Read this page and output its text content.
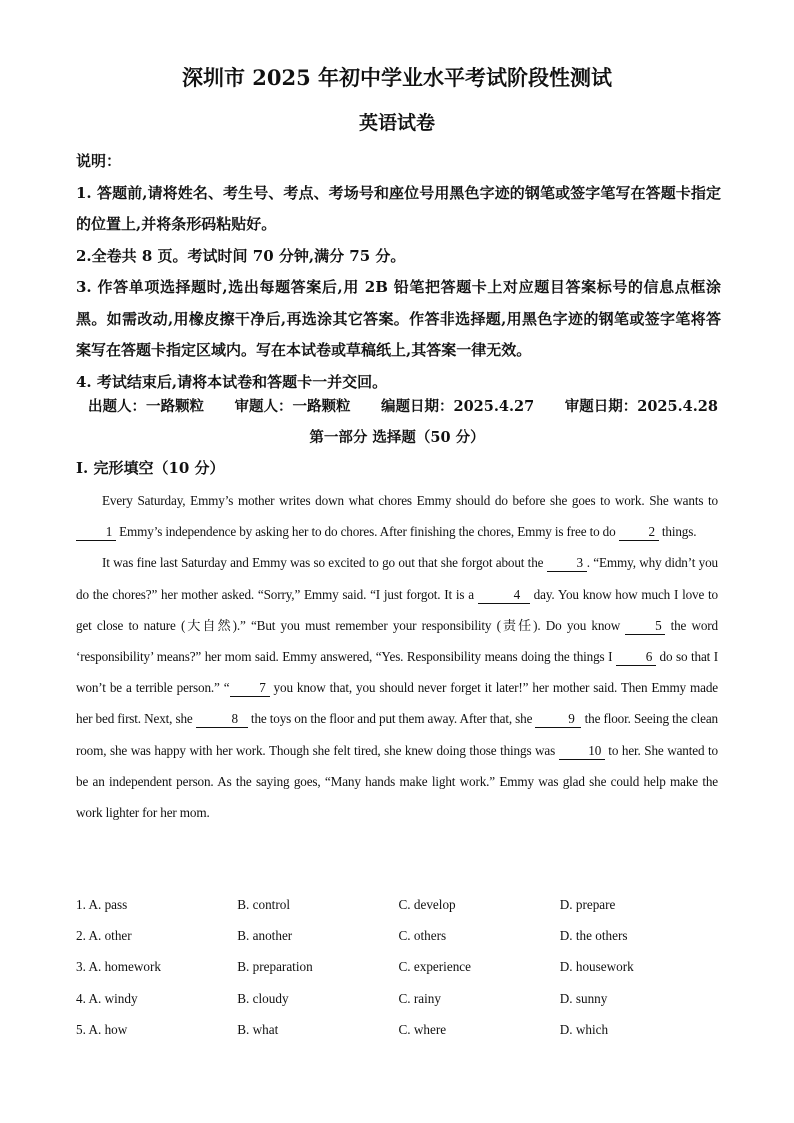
深圳市 2025 年初中学业水平考试阶段性测试
英语试卷

说明：

1. 答题前,请将姓名、考生号、考点、考场号和座位号用黑色字迹的钢笔或签字笔写在答题卡指定的位置上,并将条形码粘贴好。

2.全卷共 8 页。考试时间 70 分钟,满分 75 分。

3. 作答单项选择题时,选出每题答案后,用 2B 铅笔把答题卡上对应题目答案标号的信息点框涂黑。如需改动,用橡皮擦干净后,再选涂其它答案。作答非选择题,用黑色字迹的钢笔或签字笔将答案写在答题卡指定区域内。写在本试卷或草稿纸上,其答案一律无效。

4. 考试结束后,请将本试卷和答题卡一并交回。

出题人：一路颗粒 审题人：一路颗粒 编题日期：2025.4.27 审题日期：2025.4.28
第一部分 选择题（50 分）
Ⅰ. 完形填空（10 分）

Every Saturday, Emmy’s mother writes down what chores Emmy should do before she goes to work. She wants to 1 Emmy’s independence by asking her to do chores. After finishing the chores, Emmy is free to do 2 things.

It was fine last Saturday and Emmy was so excited to go out that she forgot about the 3 . “Emmy, why didn’t you do the chores?” her mother asked. “Sorry,” Emmy said. “I just forgot. It is a	4 day. You know how much I love to get close to nature (大自然).” “But you must remember your responsibility (责任). Do you know 5 the word ‘responsibility’ means?” her mom said. Emmy answered, “Yes. Responsibility means doing the things I 6 do so that I won’t be a terrible person.” “ 7 you know that, you should never forget it later!” her mother said. Then Emmy made her bed first. Next, she	8 the toys on the floor and put them away. After that, she 9 the floor. Seeing the clean room, she was happy with her work. Though she felt tired, she knew doing those things was 10 to her. She wanted to be an independent person. As the saying goes, “Many hands make light work.” Emmy was glad she could help make the work lighter for her mom.

1. A. pass	B. control	C. develop	D. prepare
2. A. other	B. another	C. others	D. the others
3. A. homework	B. preparation	C. experience	D. housework
4. A. windy	B. cloudy	C. rainy	D. sunny
5. A. how	B. what	C. where	D. which
